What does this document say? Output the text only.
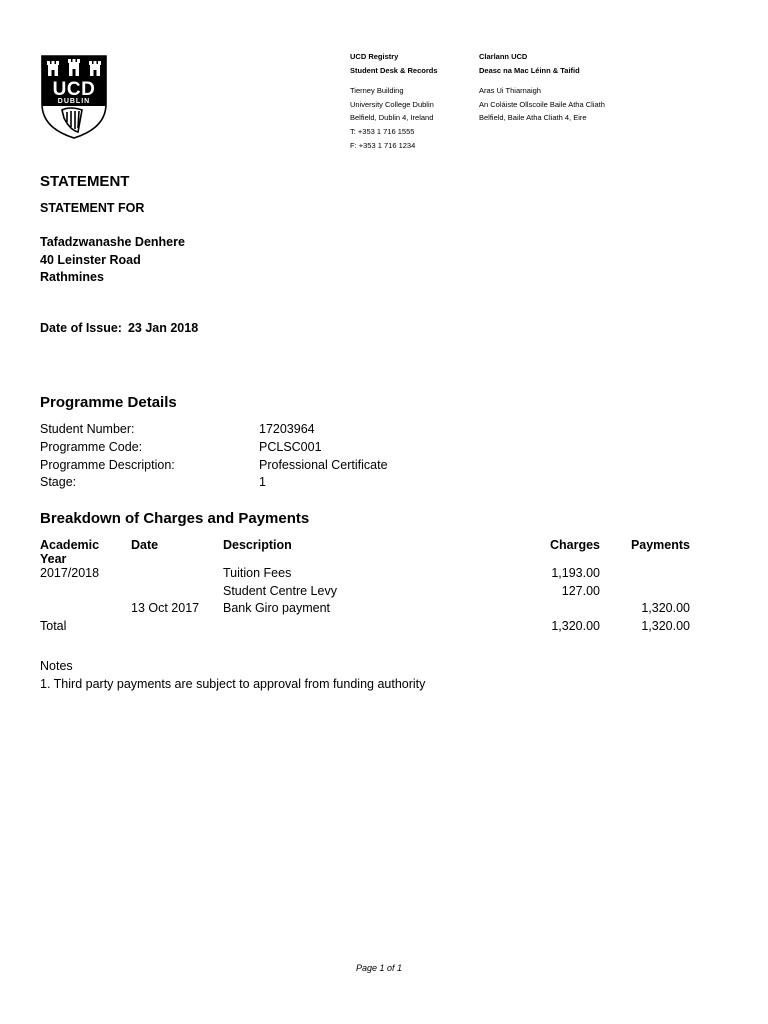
UCD
DUBLIN
UCD Registry
Student Desk & Records
Tierney Building
University College Dublin
Belfield, Dublin 4, Ireland
T: +353 1 716 1555
F: +353 1 716 1234
Clarlann UCD
Deasc na Mac Léinn & Taifid
Aras Ui Thiarnaigh
An Coláiste Ollscoile Baile Atha Cliath
Belfield, Baile Atha Cliath 4, Eire
STATEMENT
STATEMENT FOR
Tafadzwanashe Denhere
40 Leinster Road
Rathmines
Date of Issue: 23 Jan 2018
Programme Details
Student Number:	17203964
Programme Code:	PCLSC001
Programme Description:	Professional Certificate
Stage:	1
Breakdown of Charges and Payments
Academic
Year	Date	Description	Charges	Payments
2017/2018		Tuition Fees	1,193.00	
		Student Centre Levy	127.00	
	13 Oct 2017	Bank Giro payment		1,320.00
Total			1,320.00	1,320.00
Notes
1. Third party payments are subject to approval from funding authority
Page 1 of 1
